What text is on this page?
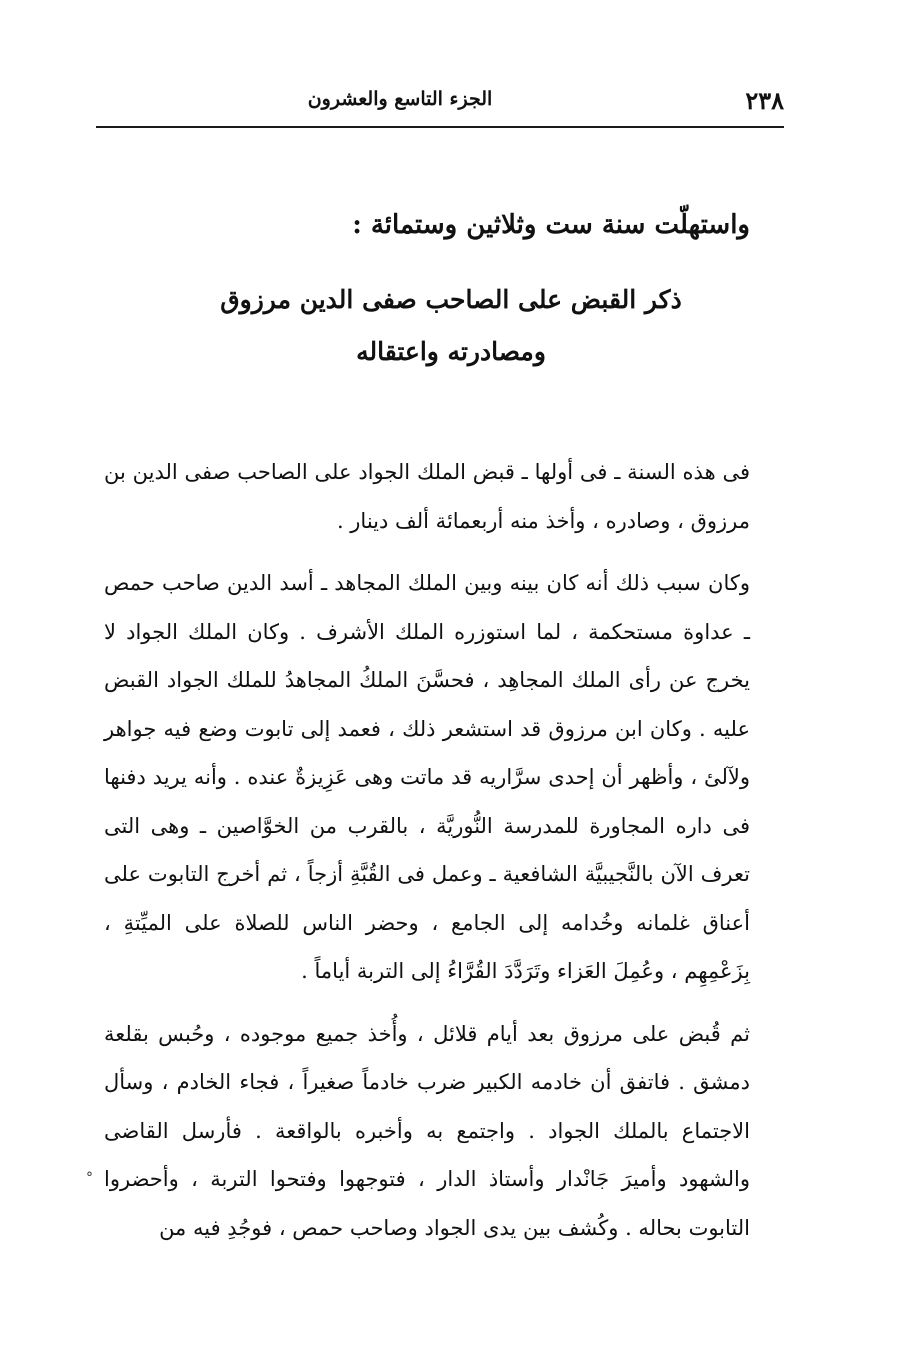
٢٣٨
الجزء التاسع والعشرون
واستهلّت سنة ست وثلاثين وستمائة :
ذكر القبض على الصاحب صفى الدين مرزوق
ومصادرته واعتقاله

فى هذه السنة ـ فى أولها ـ قبض الملك الجواد على الصاحب صفى الدين بن مرزوق ، وصادره ، وأخذ منه أربعمائة ألف دينار .

وكان سبب ذلك أنه كان بينه وبين الملك المجاهد ـ أسد الدين صاحب حمص ـ عداوة مستحكمة ، لما استوزره الملك الأشرف . وكان الملك الجواد لا يخرج عن رأى الملك المجاهِد ، فحسَّنَ الملكُ المجاهدُ للملك الجواد القبض عليه . وكان ابن مرزوق قد استشعر ذلك ، فعمد إلى تابوت وضع فيه جواهر ولآلئ ، وأظهر أن إحدى سرَّاريه قد ماتت وهى عَزِيزةٌ عنده . وأنه يريد دفنها فى داره المجاورة للمدرسة النُّوريَّة ، بالقرب من الخوَّاصين ـ وهى التى تعرف الآن بالنَّجيبيَّة الشافعية ـ وعمل فى القُبَّةِ أزجاً ، ثم أخرج التابوت على أعناق غلمانه وخُدامه إلى الجامع ، وحضر الناس للصلاة على الميِّتةِ ، بِزَعْمِهِم ، وعُمِلَ العَزاء وتَرَدَّدَ القُرَّاءُ إلى التربة أياماً .

ثم قُبض على مرزوق بعد أيام قلائل ، وأُخذ جميع موجوده ، وحُبس بقلعة دمشق . فاتفق أن خادمه الكبير ضرب خادماً صغيراً ، فجاء الخادم ، وسأل الاجتماع بالملك الجواد . واجتمع به وأخبره بالواقعة . فأرسل القاضى والشهود وأميرَ جَانْدار وأستاذ الدار ، فتوجهوا وفتحوا التربة ، وأحضروا التابوت بحاله . وكُشف بين يدى الجواد وصاحب حمص ، فوجُدِ فيه من

°
